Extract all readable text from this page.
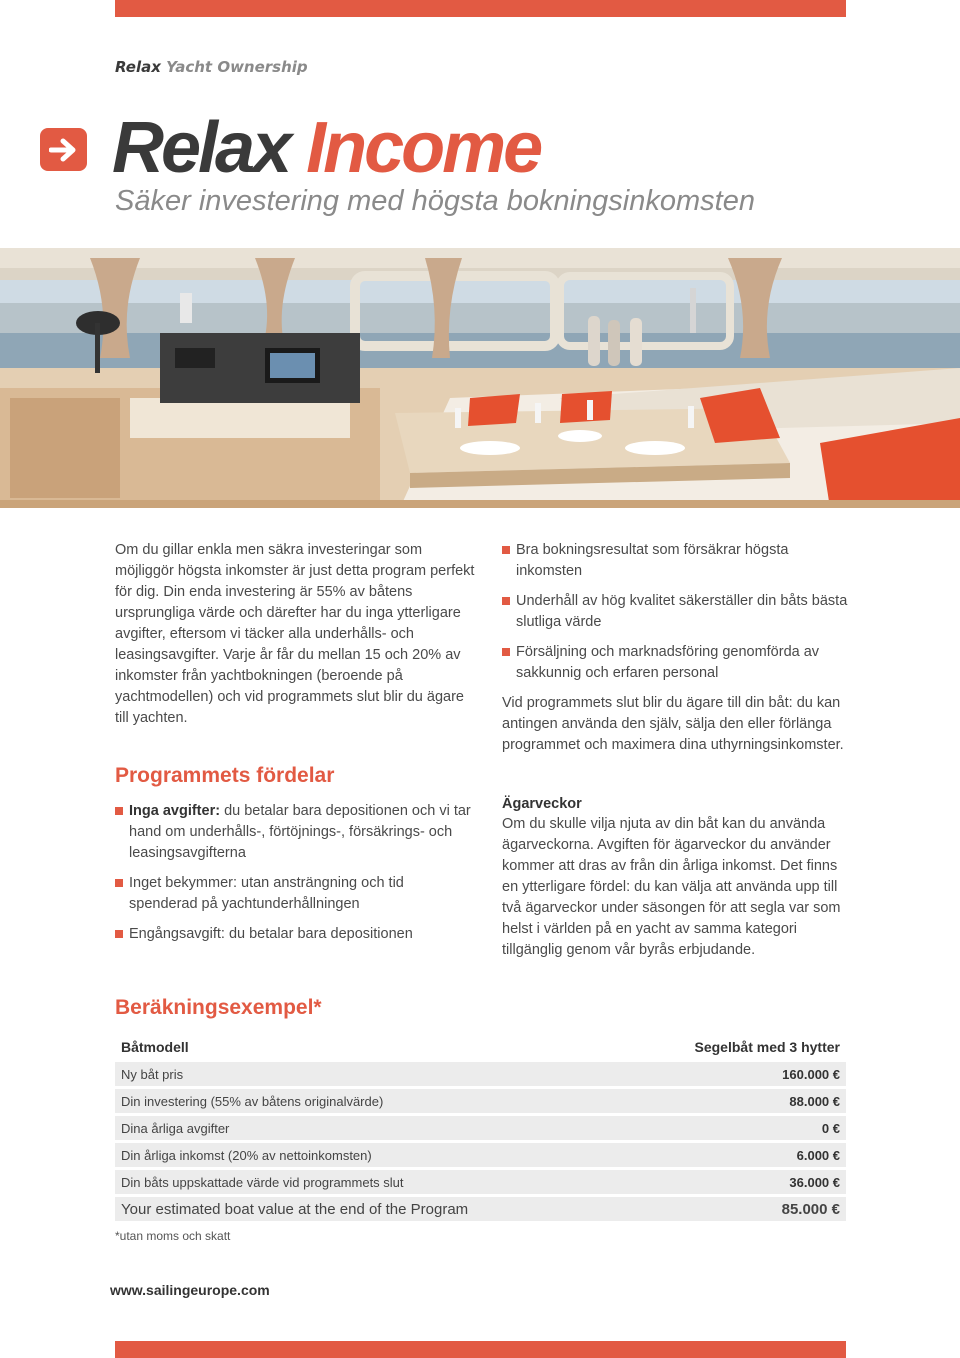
Relax Yacht Ownership
Relax Income
Säker investering med högsta bokningsinkomsten

Om du gillar enkla men säkra investeringar som möjliggör högsta inkomster är just detta program perfekt för dig. Din enda investering är 55% av båtens ursprungliga värde och därefter har du inga ytterligare avgifter, eftersom vi täcker alla underhålls- och leasingsavgifter. Varje år får du mellan 15 och 20% av inkomster från yachtbokningen (beroende på yachtmodellen) och vid programmets slut blir du ägare till yachten.

Programmets fördelar
Inga avgifter: du betalar bara depositionen och vi tar hand om underhålls-, förtöjnings-, försäkrings- och leasingsavgifterna
Inget bekymmer: utan ansträngning och tid spenderad på yachtunderhållningen
Engångsavgift: du betalar bara depositionen
Bra bokningsresultat som försäkrar högsta inkomsten
Underhåll av hög kvalitet säkerställer din båts bästa slutliga värde
Försäljning och marknadsföring genomförda av sakkunnig och erfaren personal

Vid programmets slut blir du ägare till din båt: du kan antingen använda den själv, sälja den eller förlänga programmet och maximera dina uthyrningsinkomster.

Ägarveckor

Om du skulle vilja njuta av din båt kan du använda ägarveckorna. Avgiften för ägarveckor du använder kommer att dras av från din årliga inkomst. Det finns en ytterligare fördel: du kan välja att använda upp till två ägarveckor under säsongen för att segla var som helst i världen på en yacht av samma kategori tillgänglig genom vår byrås erbjudande.

Beräkningsexempel*
Båtmodell	Segelbåt med 3 hytter
Ny båt pris	160.000 €
Din investering (55% av båtens originalvärde)	88.000 €
Dina årliga avgifter	0 €
Din årliga inkomst (20% av nettoinkomsten)	6.000 €
Din båts uppskattade värde vid programmets slut	36.000 €
Your estimated boat value at the end of the Program	85.000 €
*utan moms och skatt
www.sailingeurope.com
